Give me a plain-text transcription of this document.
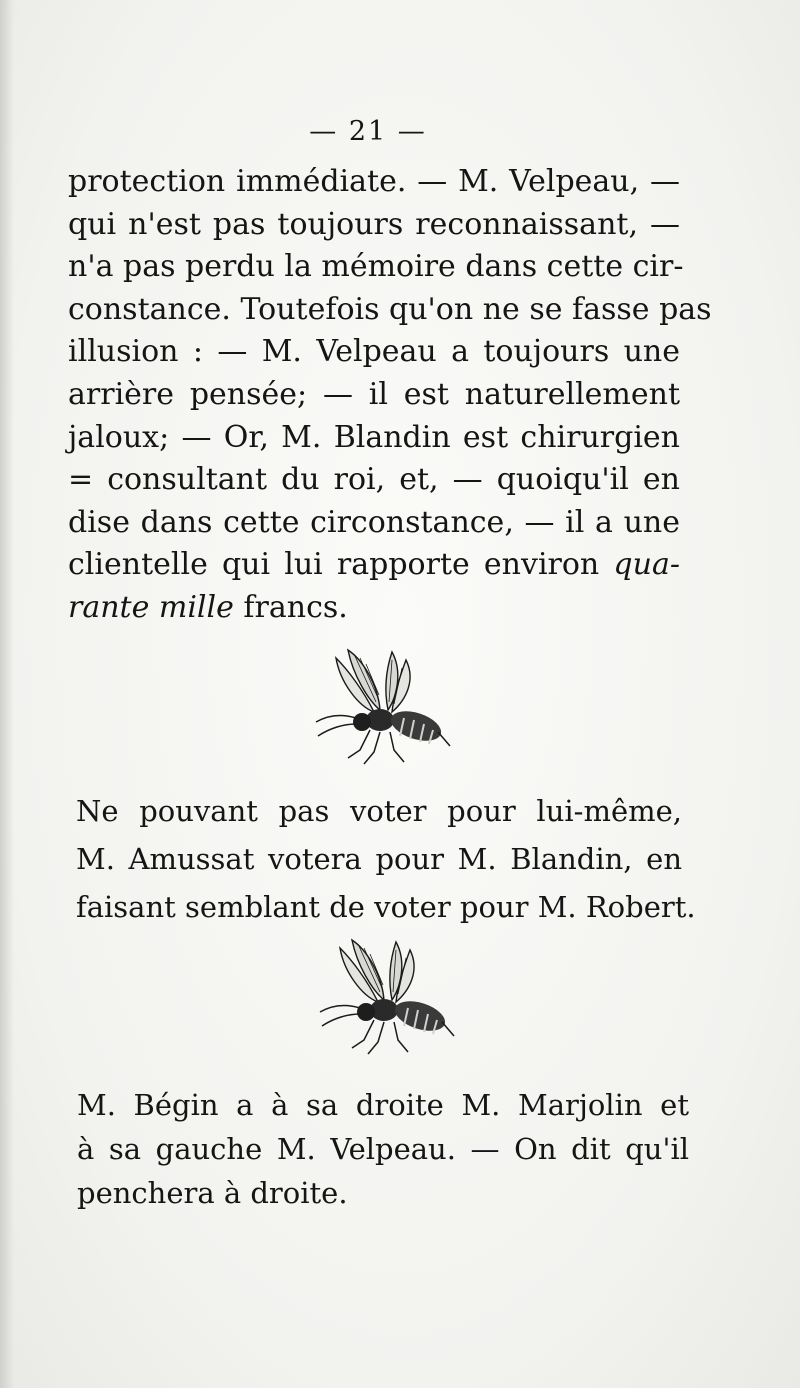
— 21 —
protection immédiate. — M. Velpeau, —
qui n'est pas toujours reconnaissant, —
n'a pas perdu la mémoire dans cette cir-
constance. Toutefois qu'on ne se fasse pas
illusion : — M. Velpeau a toujours une
arrière pensée; — il est naturellement
jaloux; — Or, M. Blandin est chirurgien
= consultant du roi, et, — quoiqu'il en
dise dans cette circonstance, — il a une
clientelle qui lui rapporte environ qua-
rante mille francs.
Ne pouvant pas voter pour lui-même,
M. Amussat votera pour M. Blandin, en
faisant semblant de voter pour M. Robert.
M. Bégin a à sa droite M. Marjolin et
à sa gauche M. Velpeau. — On dit qu'il
penchera à droite.
